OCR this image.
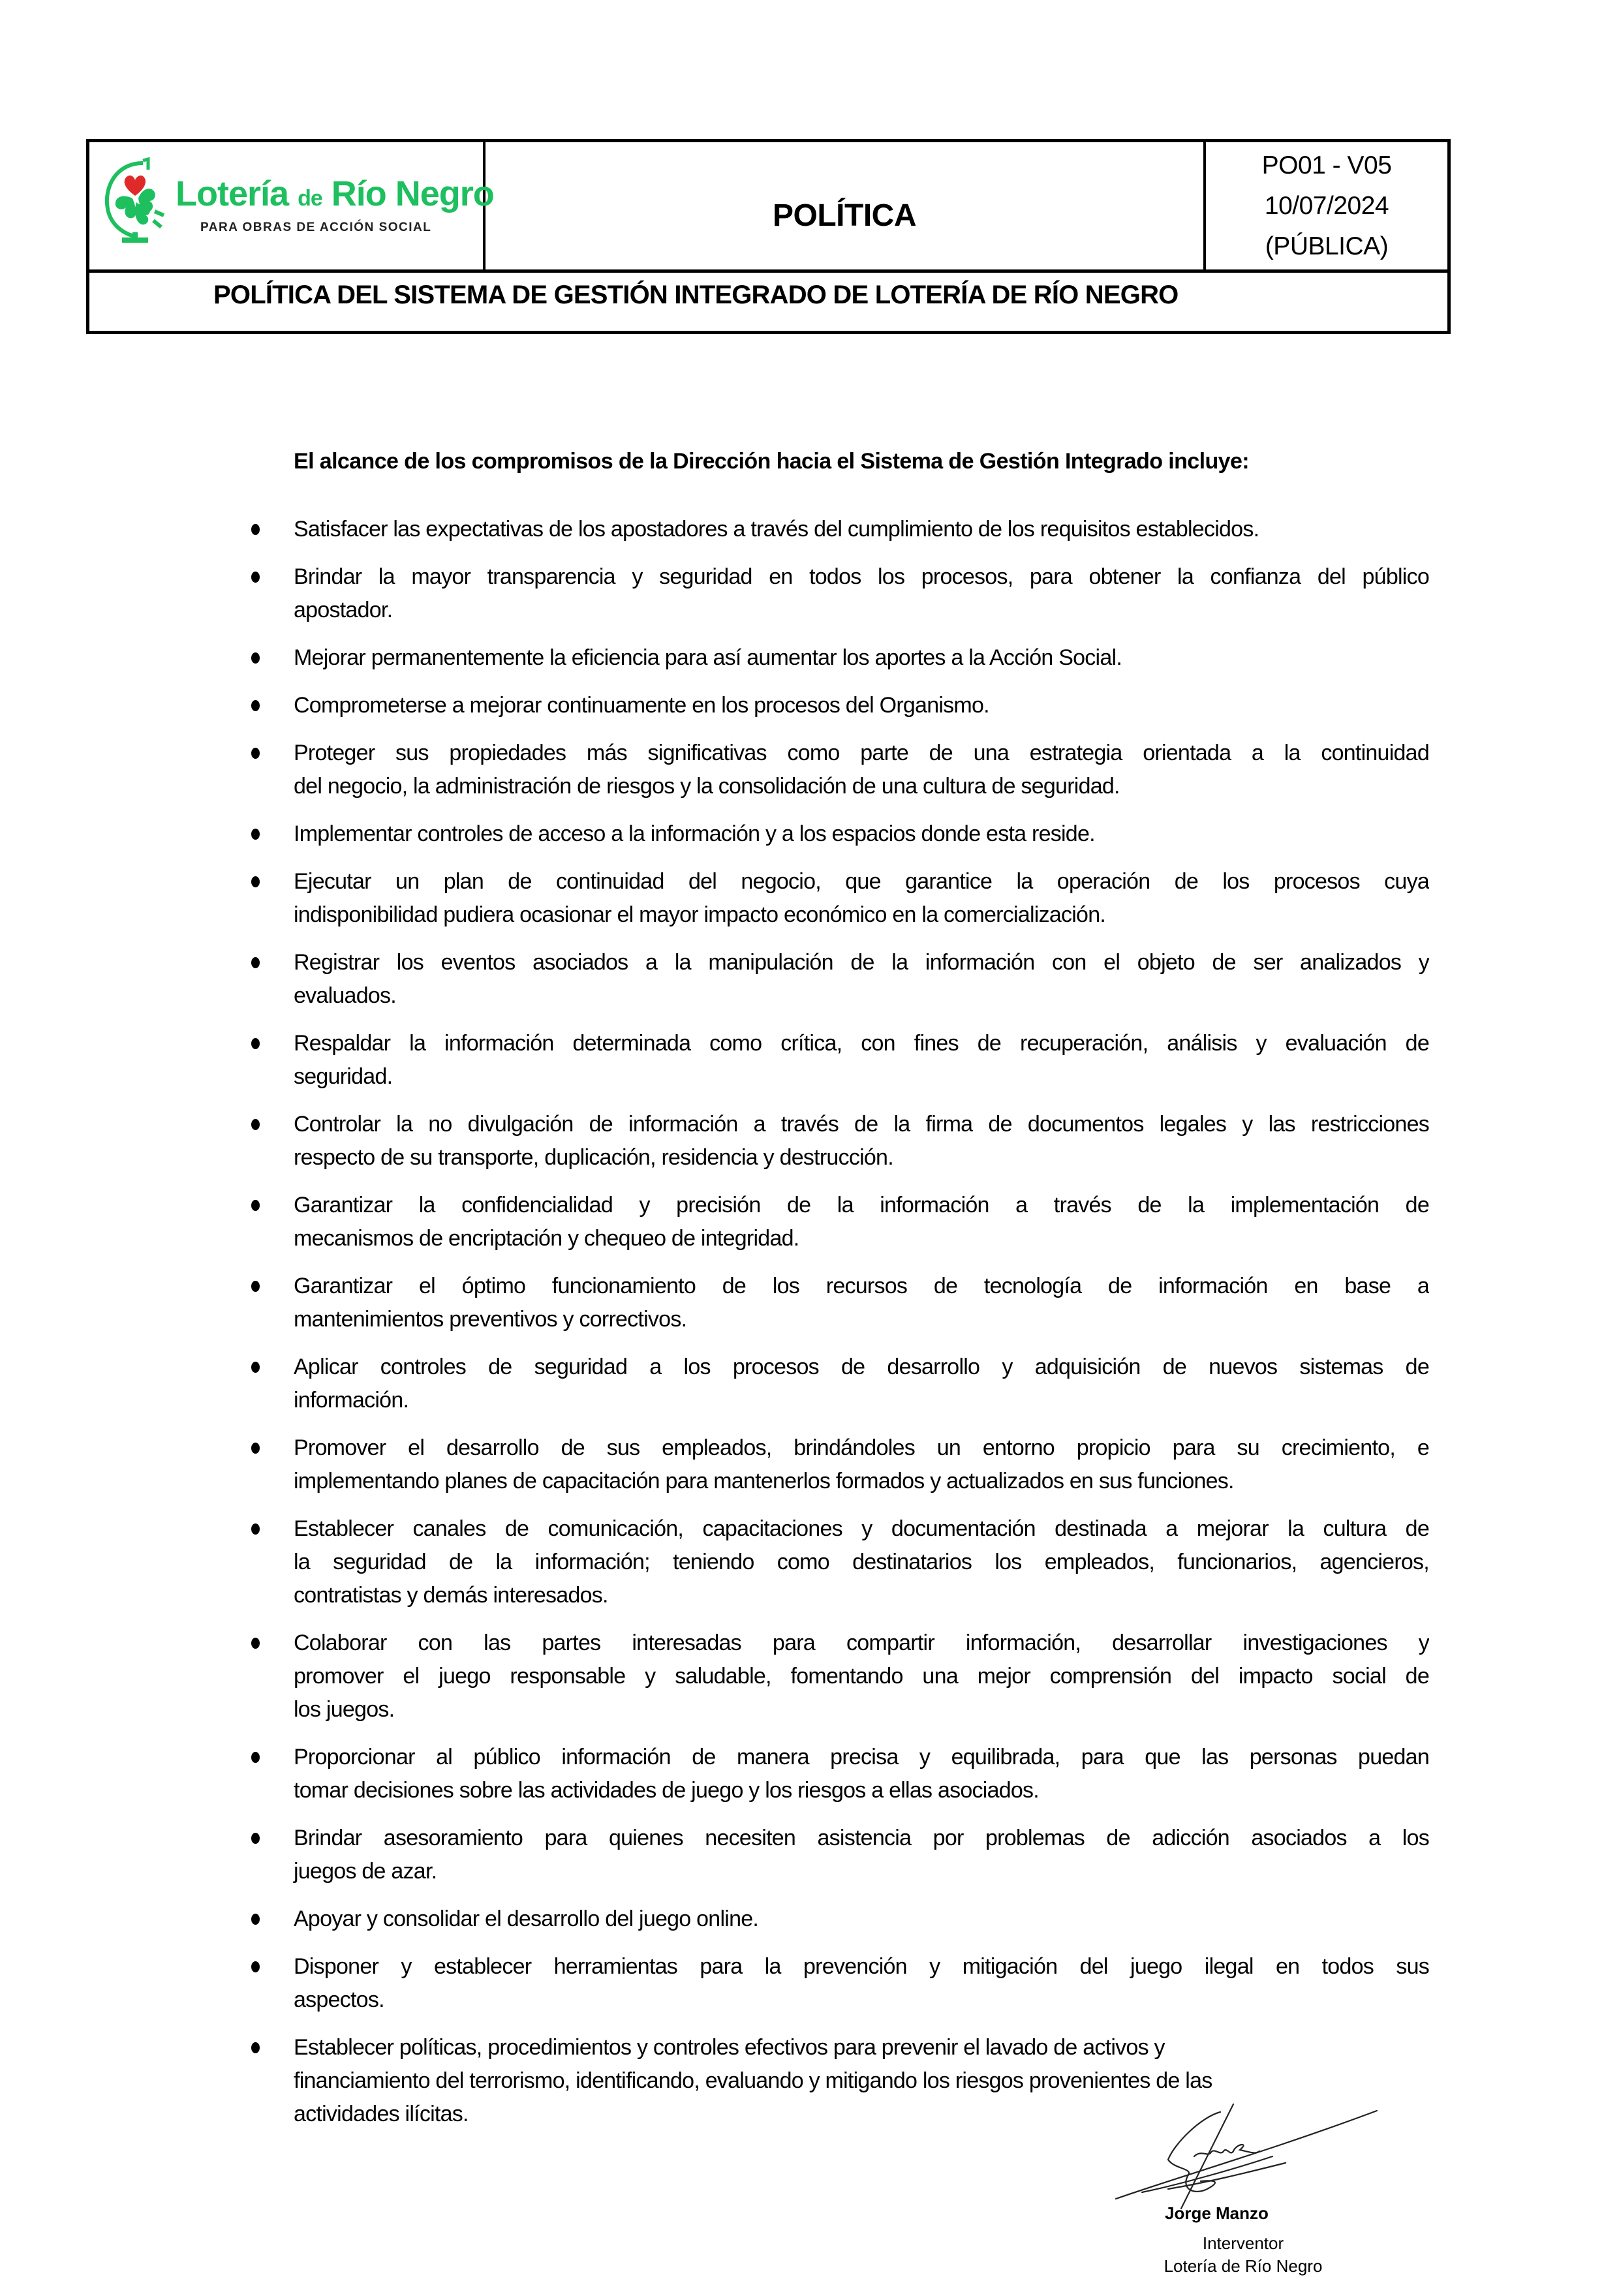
Lotería de Río Negro
PARA OBRAS DE ACCIÓN SOCIAL	POLÍTICA
PO01 - V05
10/07/2024
(PÚBLICA)
POLÍTICA DEL SISTEMA DE GESTIÓN INTEGRADO DE LOTERÍA DE RÍO NEGRO
El alcance de los compromisos de la Dirección hacia el Sistema de Gestión Integrado incluye:
Satisfacer las expectativas de los apostadores a través del cumplimiento de los requisitos establecidos.
Brindar la mayor transparencia y seguridad en todos los procesos, para obtener la confianza del público
apostador.
Mejorar permanentemente la eficiencia para así aumentar los aportes a la Acción Social.
Comprometerse a mejorar continuamente en los procesos del Organismo.
Proteger sus propiedades más significativas como parte de una estrategia orientada a la continuidad
del negocio, la administración de riesgos y la consolidación de una cultura de seguridad.
Implementar controles de acceso a la información y a los espacios donde esta reside.
Ejecutar un plan de continuidad del negocio, que garantice la operación de los procesos cuya
indisponibilidad pudiera ocasionar el mayor impacto económico en la comercialización.
Registrar los eventos asociados a la manipulación de la información con el objeto de ser analizados y
evaluados.
Respaldar la información determinada como crítica, con fines de recuperación, análisis y evaluación de
seguridad.
Controlar la no divulgación de información a través de la firma de documentos legales y las restricciones
respecto de su transporte, duplicación, residencia y destrucción.
Garantizar la confidencialidad y precisión de la información a través de la implementación de
mecanismos de encriptación y chequeo de integridad.
Garantizar el óptimo funcionamiento de los recursos de tecnología de información en base a
mantenimientos preventivos y correctivos.
Aplicar controles de seguridad a los procesos de desarrollo y adquisición de nuevos sistemas de
información.
Promover el desarrollo de sus empleados, brindándoles un entorno propicio para su crecimiento, e
implementando planes de capacitación para mantenerlos formados y actualizados en sus funciones.
Establecer canales de comunicación, capacitaciones y documentación destinada a mejorar la cultura de
la seguridad de la información; teniendo como destinatarios los empleados, funcionarios, agencieros,
contratistas y demás interesados.
Colaborar con las partes interesadas para compartir información, desarrollar investigaciones y
promover el juego responsable y saludable, fomentando una mejor comprensión del impacto social de
los juegos.
Proporcionar al público información de manera precisa y equilibrada, para que las personas puedan
tomar decisiones sobre las actividades de juego y los riesgos a ellas asociados.
Brindar asesoramiento para quienes necesiten asistencia por problemas de adicción asociados a los
juegos de azar.
Apoyar y consolidar el desarrollo del juego online.
Disponer y establecer herramientas para la prevención y mitigación del juego ilegal en todos sus
aspectos.
Establecer políticas, procedimientos y controles efectivos para prevenir el lavado de activos y
financiamiento del terrorismo, identificando, evaluando y mitigando los riesgos provenientes de las
actividades ilícitas.
Jorge Manzo
Interventor
Lotería de Río Negro
